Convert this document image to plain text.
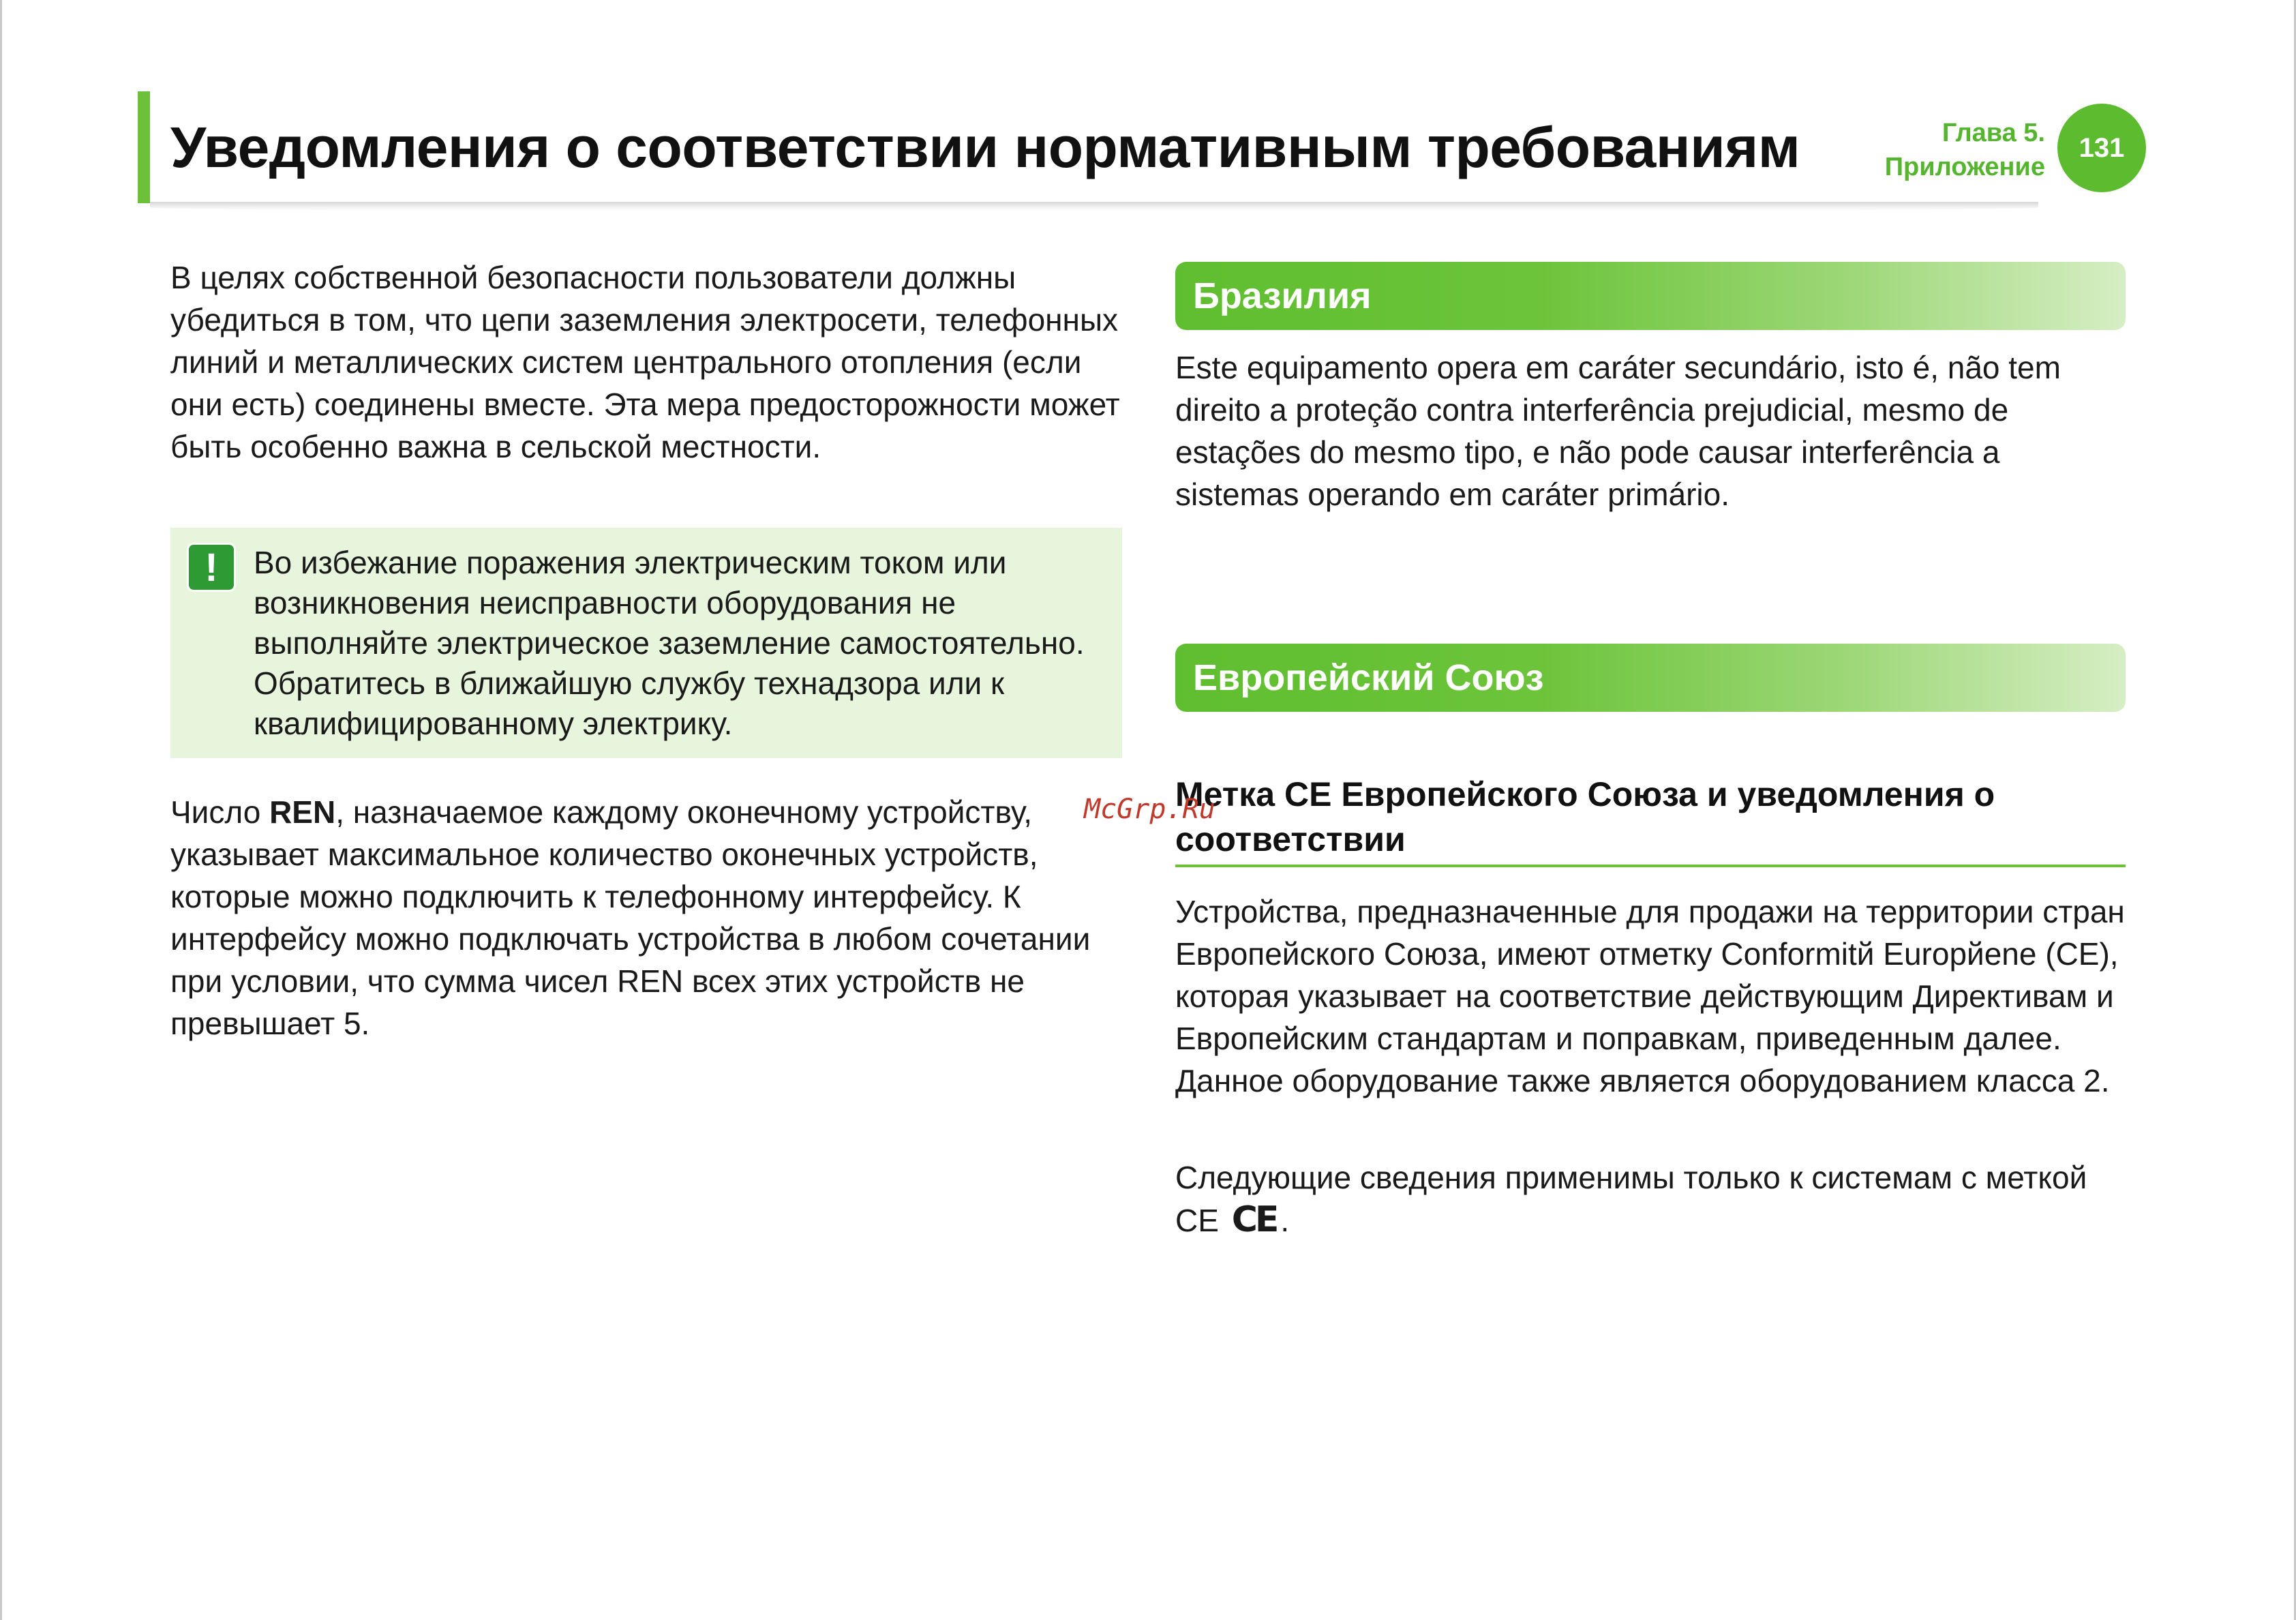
Уведомления о соответствии нормативным требованиям	Глава 5.
Приложение
131

В целях собственной безопасности пользователи должны убедиться в том, что цепи заземления электросети, телефонных линий и металлических систем центрального отопления (если они есть) соединены вместе. Эта мера предосторожности может быть особенно важна в сельской местности.

!	Во избежание поражения электрическим током или возникновения неисправности оборудования не выполняйте электрическое заземление самостоятельно. Обратитесь в ближайшую службу технадзора или к квалифицированному электрику.

Число REN, назначаемое каждому оконечному устройству, указывает максимальное количество оконечных устройств, которые можно подключить к телефонному интерфейсу. К интерфейсу можно подключать устройства в любом сочетании при условии, что сумма чисел REN всех этих устройств не превышает 5.

Бразилия

Este equipamento opera em caráter secundário, isto é, não tem direito a proteção contra interferência prejudicial, mesmo de estações do mesmo tipo, e não pode causar interferência a sistemas operando em caráter primário.

Европейский Союз
Метка CE Европейского Союза и уведомления о соответствии

Устройства, предназначенные для продажи на территории стран Европейского Союза, имеют отметку Conformitй Europйene (CE), которая указывает на соответствие действующим Директивам и Европейским стандартам и поправкам, приведенным далее. Данное оборудование также является оборудованием класса 2.

Следующие сведения применимы только к системам с меткой CE CE .

McGrp.Ru
